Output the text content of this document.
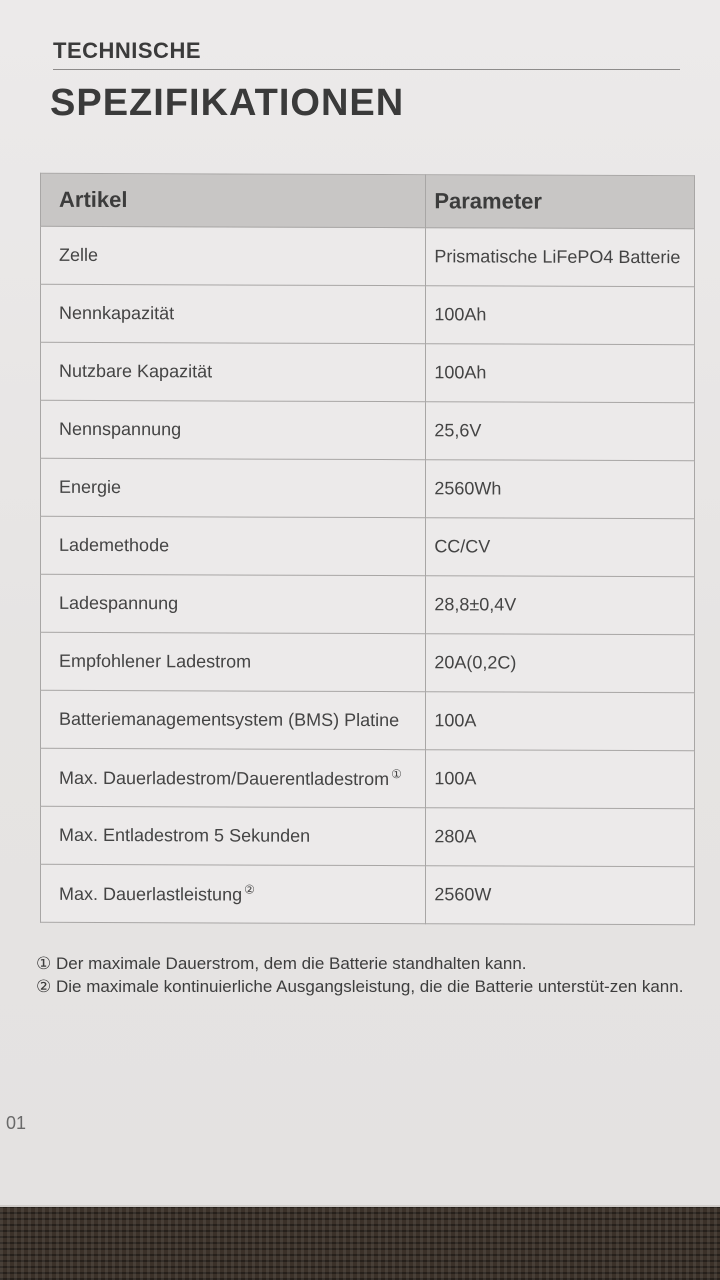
TECHNISCHE
SPEZIFIKATIONEN
Artikel	Parameter
Zelle	Prismatische LiFePO4 Batterie
Nennkapazität	100Ah
Nutzbare Kapazität	100Ah
Nennspannung	25,6V
Energie	2560Wh
Lademethode	CC/CV
Ladespannung	28,8±0,4V
Empfohlener Ladestrom	20A(0,2C)
Batteriemanagementsystem (BMS) Platine	100A
Max. Dauerladestrom/Dauerentladestrom ①	100A
Max. Entladestrom 5 Sekunden	280A
Max. Dauerlastleistung ②	2560W

① Der maximale Dauerstrom, dem die Batterie standhalten kann.

② Die maximale kontinuierliche Ausgangsleistung, die die Batterie unterstüt-zen kann.

01
